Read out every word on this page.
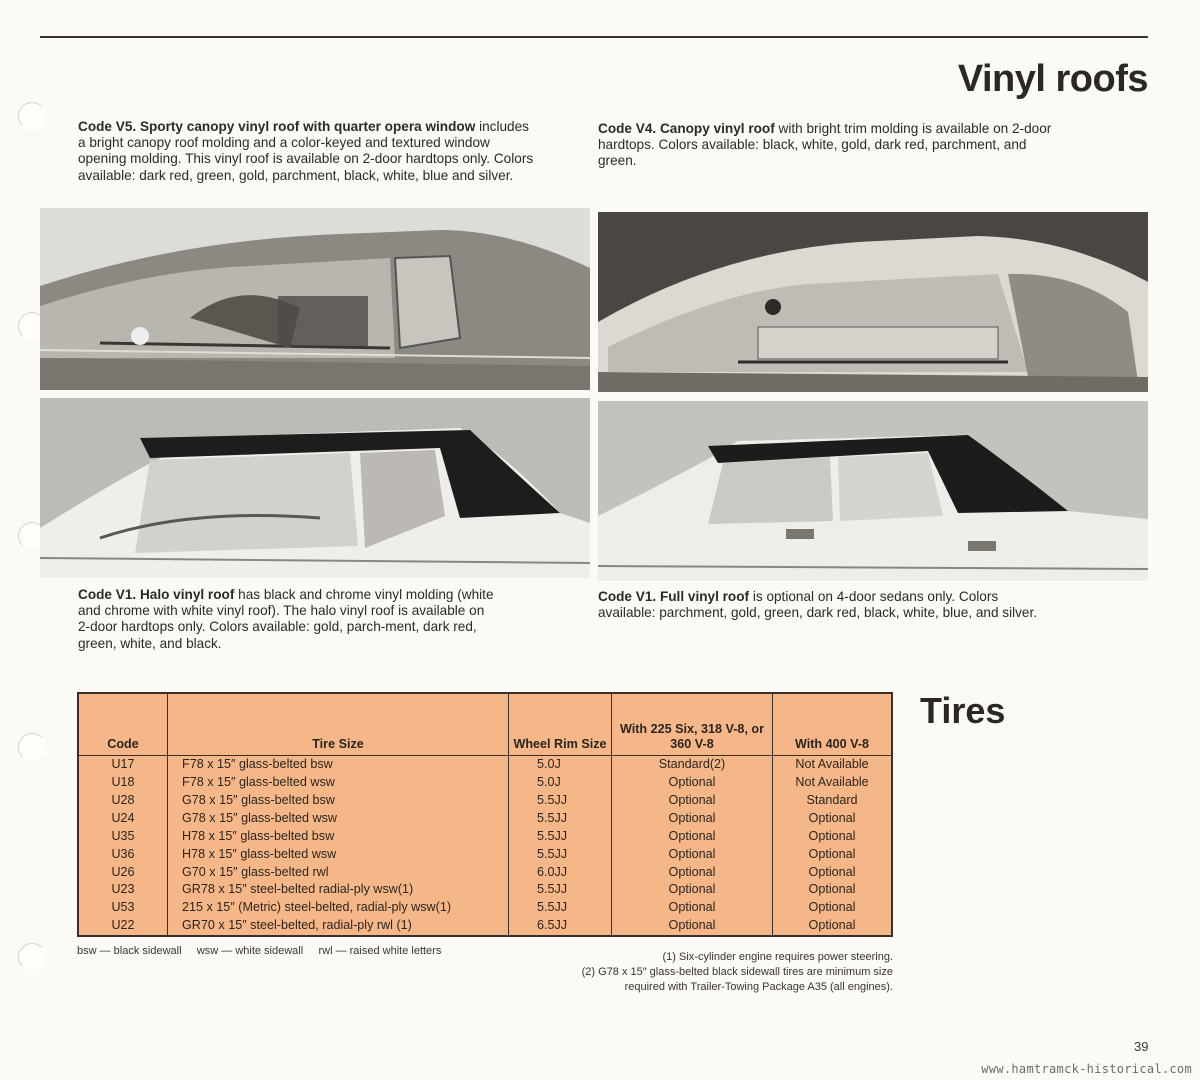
Vinyl roofs
Code V5. Sporty canopy vinyl roof with quarter opera window includes a bright canopy roof molding and a color-keyed and textured window opening molding. This vinyl roof is available on 2-door hardtops only. Colors available: dark red, green, gold, parchment, black, white, blue and silver.
Code V4. Canopy vinyl roof with bright trim molding is available on 2-door hardtops. Colors available: black, white, gold, dark red, parchment, and green.
Code V1. Halo vinyl roof has black and chrome vinyl molding (white and chrome with white vinyl roof). The halo vinyl roof is available on 2-door hardtops only. Colors available: gold, parch-ment, dark red, green, white, and black.
Code V1. Full vinyl roof is optional on 4-door sedans only. Colors available: parchment, gold, green, dark red, black, white, blue, and silver.
Tires
Code	Tire Size	Wheel Rim Size	With 225 Six, 318 V-8, or 360 V-8	With 400 V-8
U17	F78 x 15″ glass-belted bsw	5.0J	Standard(2)	Not Available
U18	F78 x 15″ glass-belted wsw	5.0J	Optional	Not Available
U28	G78 x 15″ glass-belted bsw	5.5JJ	Optional	Standard
U24	G78 x 15″ glass-belted wsw	5.5JJ	Optional	Optional
U35	H78 x 15″ glass-belted bsw	5.5JJ	Optional	Optional
U36	H78 x 15″ glass-belted wsw	5.5JJ	Optional	Optional
U26	G70 x 15″ glass-belted rwl	6.0JJ	Optional	Optional
U23	GR78 x 15″ steel-belted radial-ply wsw(1)	5.5JJ	Optional	Optional
U53	215 x 15″ (Metric) steel-belted, radial-ply wsw(1)	5.5JJ	Optional	Optional
U22	GR70 x 15″ steel-belted, radial-ply rwl (1)	6.5JJ	Optional	Optional
bsw — black sidewall     wsw — white sidewall     rwl — raised white letters	(1) Six-cylinder engine requires power steering.
(2) G78 x 15″ glass-belted black sidewall tires are minimum size
required with Trailer-Towing Package A35 (all engines).
39
www.hamtramck-historical.com
